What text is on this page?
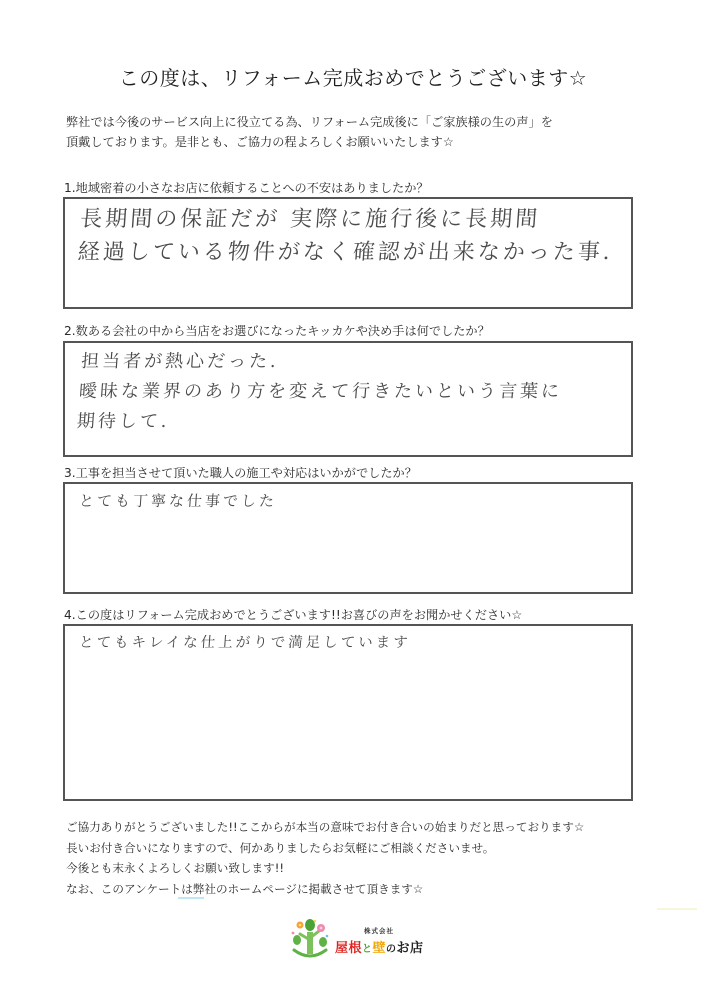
この度は、リフォーム完成おめでとうございます☆
弊社では今後のサービス向上に役立てる為、リフォーム完成後に「ご家族様の生の声」を
頂戴しております。是非とも、ご協力の程よろしくお願いいたします☆
1.地域密着の小さなお店に依頼することへの不安はありましたか？
長期間の保証だが 実際に施行後に長期間
経過している物件がなく確認が出来なかった事.
2.数ある会社の中から当店をお選びになったキッカケや決め手は何でしたか？
担当者が熱心だった.
曖昧な業界のあり方を変えて行きたいという言葉に
期待して.
3.工事を担当させて頂いた職人の施工や対応はいかがでしたか？
とても丁寧な仕事でした
4.この度はリフォーム完成おめでとうございます!!お喜びの声をお聞かせください☆
とてもキレイな仕上がりで満足しています
ご協力ありがとうございました!!ここからが本当の意味でお付き合いの始まりだと思っております☆
長いお付き合いになりますので、何かありましたらお気軽にご相談くださいませ。
今後とも末永くよろしくお願い致します!!
なお、このアンケートは弊社のホームページに掲載させて頂きます☆
株式会社
屋根と壁のお店
